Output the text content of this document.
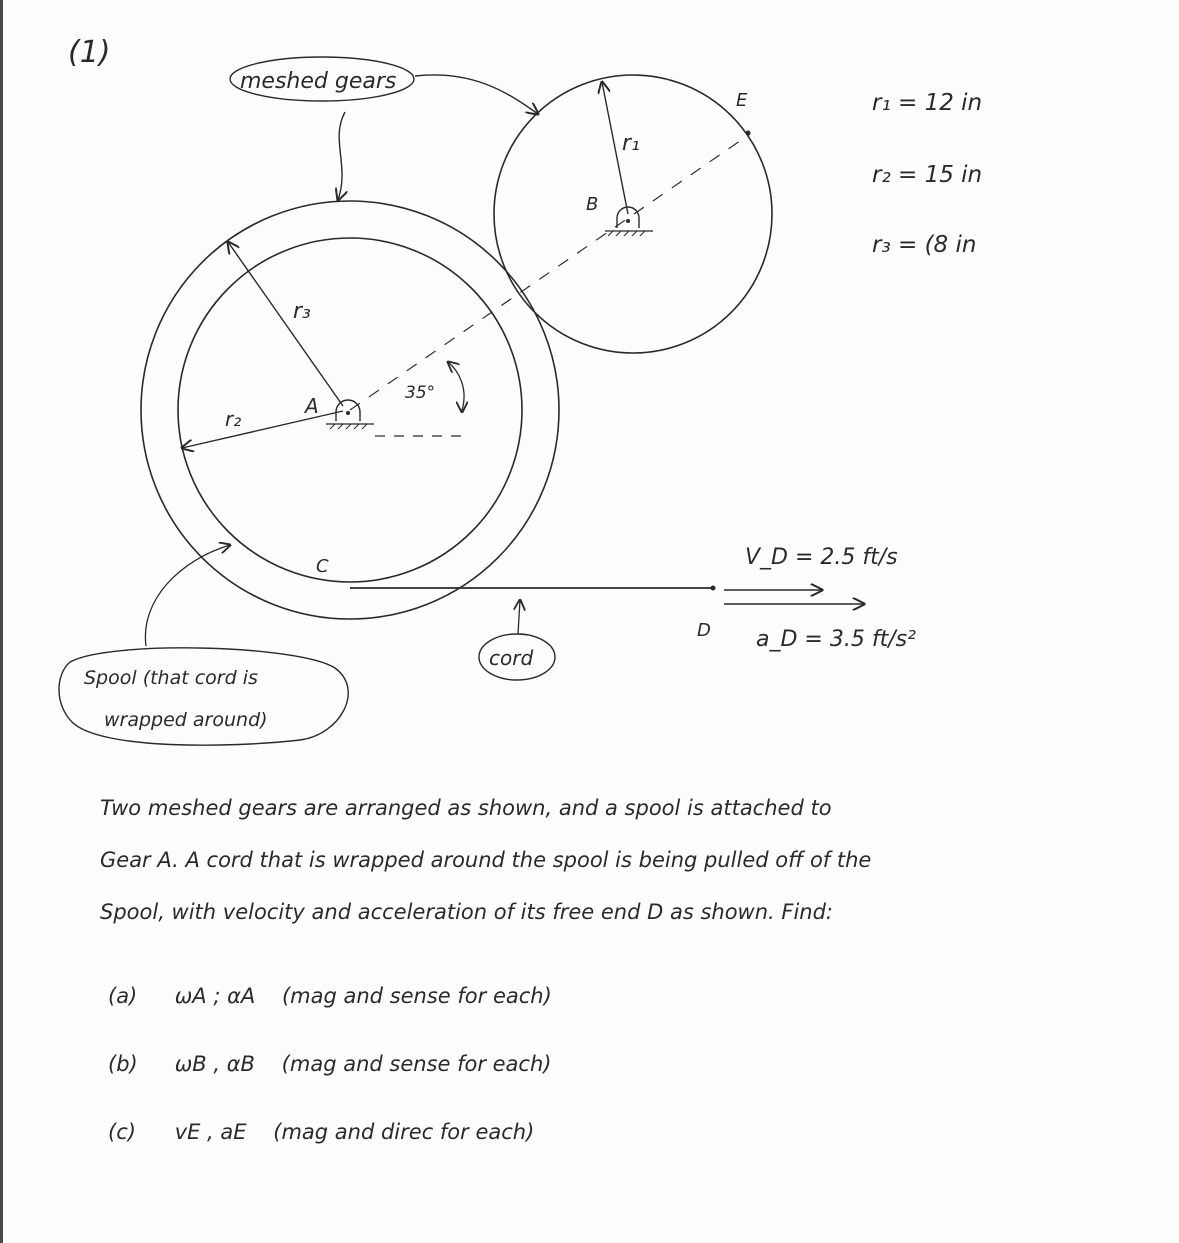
(1)
meshed gears
r₁
B
E
r₃
r₂
A
35°
C
D
V_D = 2.5 ft/s
a_D = 3.5 ft/s²
cord
Spool (that cord is
wrapped around)
r₁ = 12 in
r₂ = 15 in
r₃ = (8 in

Two meshed gears are arranged as shown, and a spool is attached to

Gear A. A cord that is wrapped around the spool is being pulled off of the

Spool, with velocity and acceleration of its free end D as shown. Find:

(a) ωA ; αA (mag and sense for each)
(b) ωB , αB (mag and sense for each)
(c) vE , aE (mag and direc for each)
